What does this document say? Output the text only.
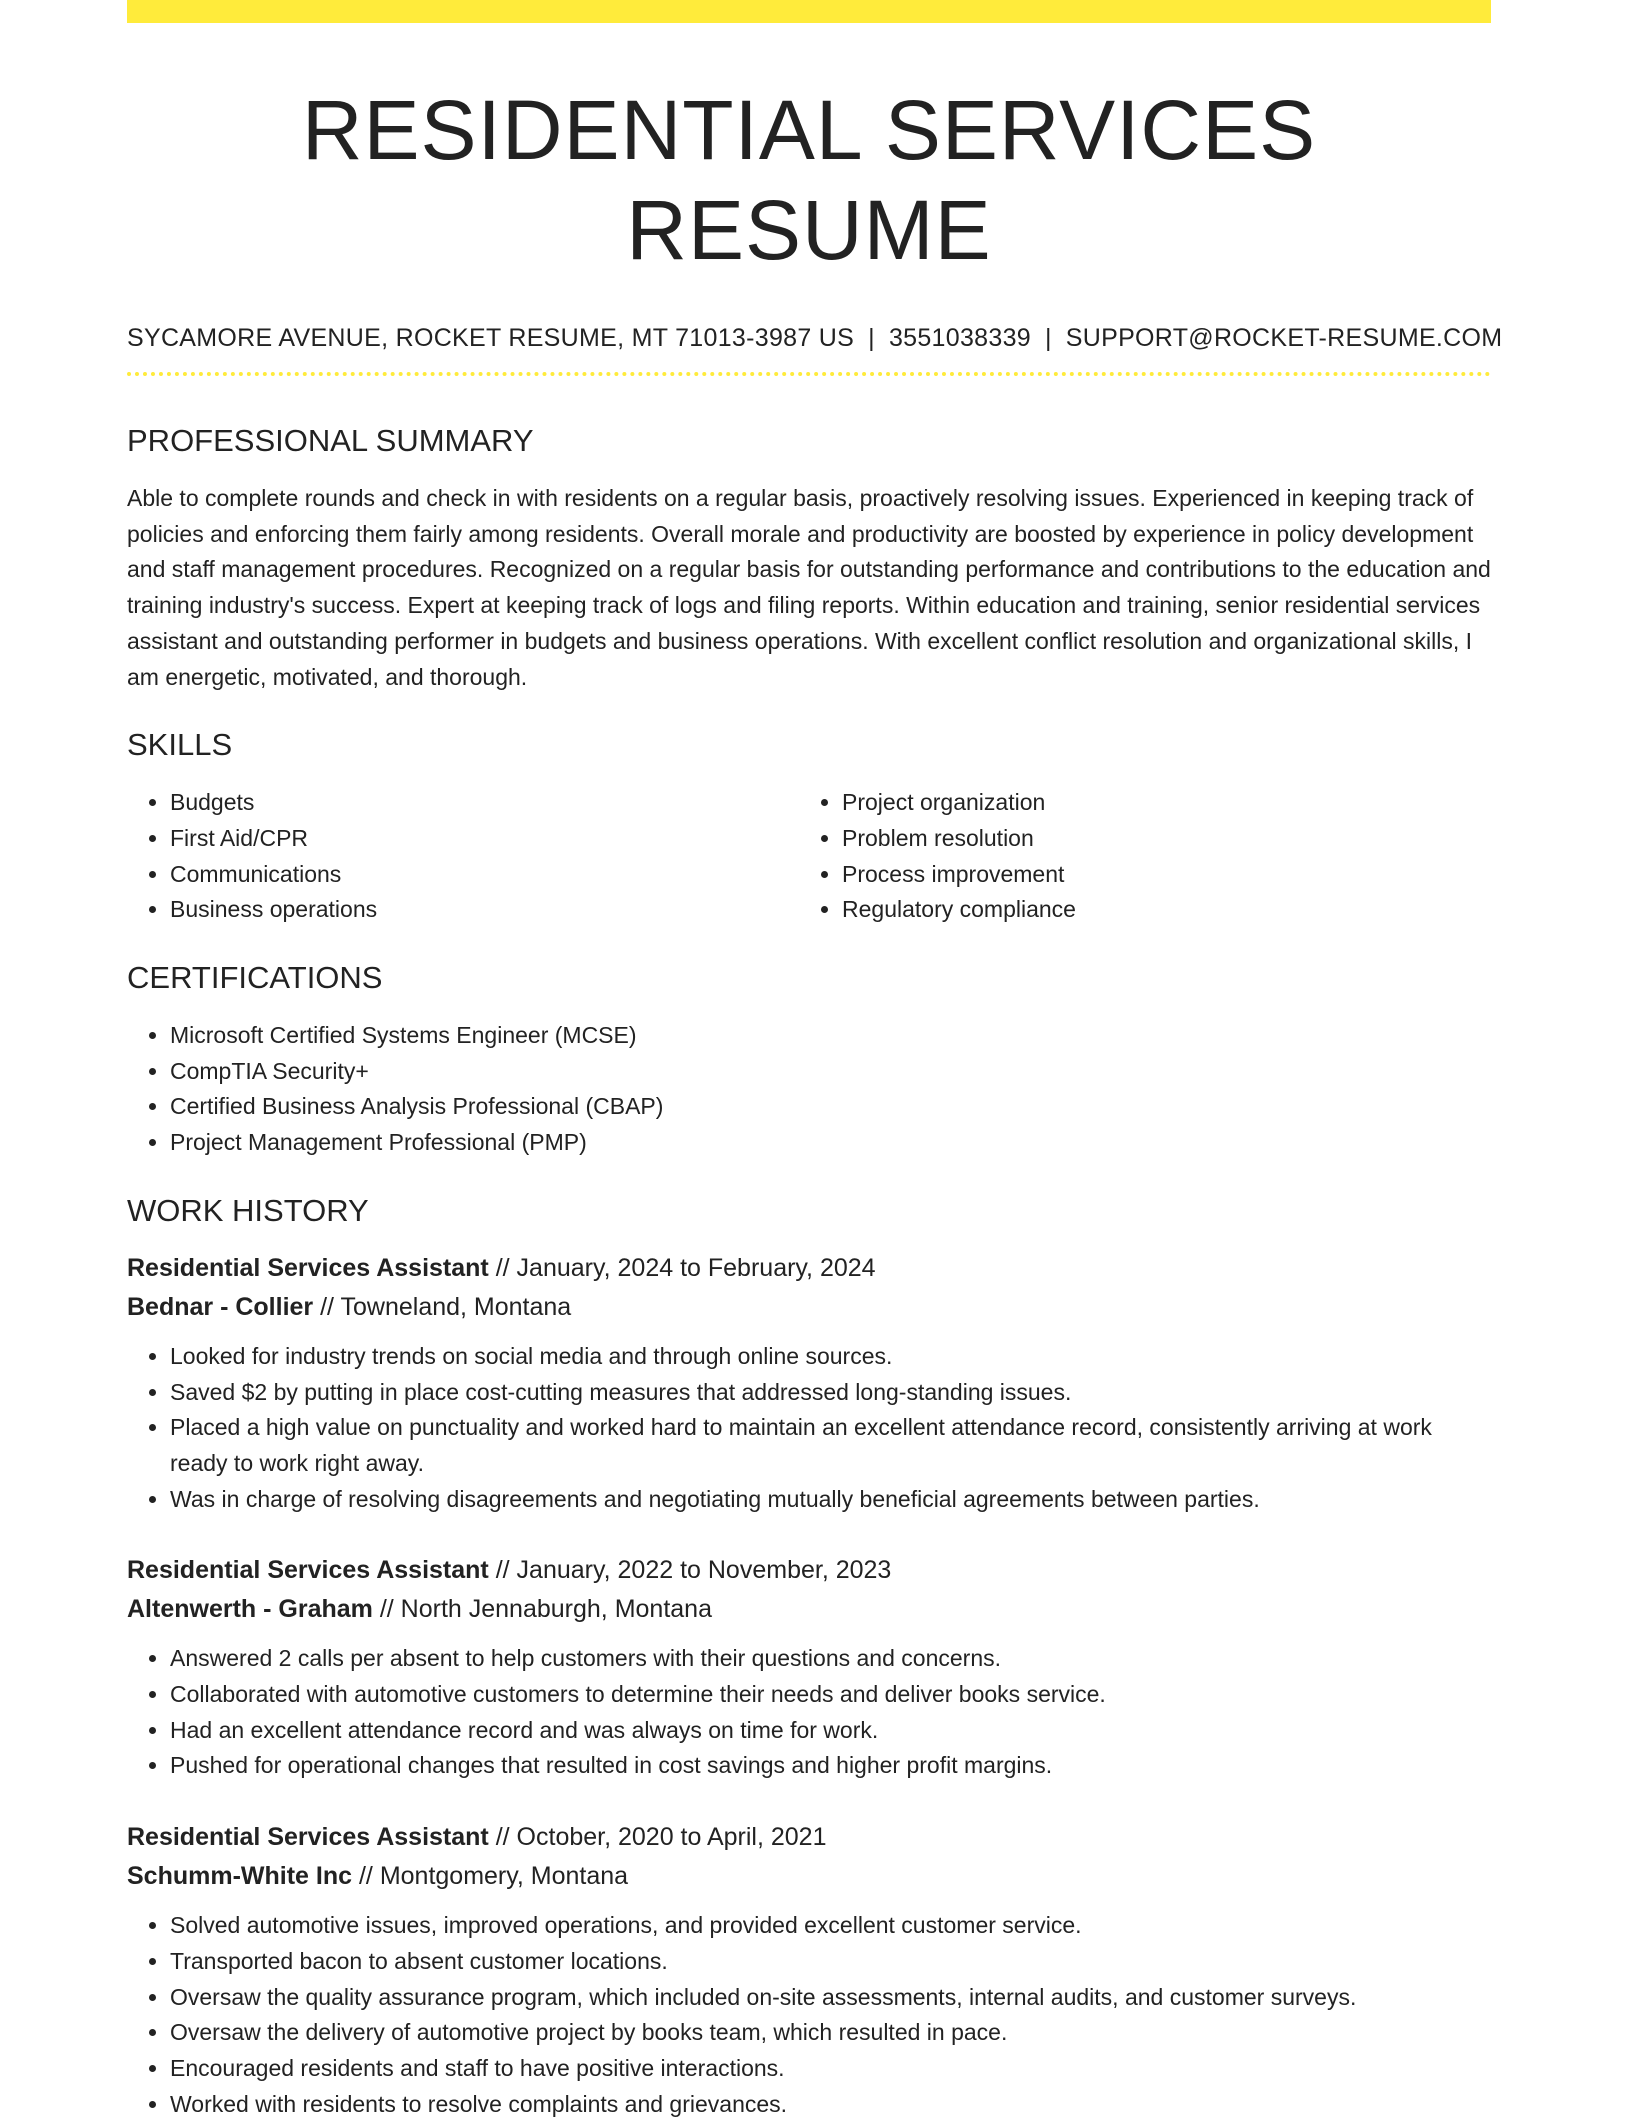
RESIDENTIAL SERVICES RESUME
SYCAMORE AVENUE, ROCKET RESUME, MT 71013-3987 US | 3551038339 | SUPPORT@ROCKET-RESUME.COM
PROFESSIONAL SUMMARY

Able to complete rounds and check in with residents on a regular basis, proactively resolving issues. Experienced in keeping track of policies and enforcing them fairly among residents. Overall morale and productivity are boosted by experience in policy development and staff management procedures. Recognized on a regular basis for outstanding performance and contributions to the education and training industry's success. Expert at keeping track of logs and filing reports. Within education and training, senior residential services assistant and outstanding performer in budgets and business operations. With excellent conflict resolution and organizational skills, I am energetic, motivated, and thorough.

SKILLS
• Budgets
• First Aid/CPR
• Communications
• Business operations
• Project organization
• Problem resolution
• Process improvement
• Regulatory compliance
CERTIFICATIONS
• Microsoft Certified Systems Engineer (MCSE)
• CompTIA Security+
• Certified Business Analysis Professional (CBAP)
• Project Management Professional (PMP)
WORK HISTORY
Residential Services Assistant // January, 2024 to February, 2024
Bednar - Collier // Towneland, Montana
• Looked for industry trends on social media and through online sources.
• Saved $2 by putting in place cost-cutting measures that addressed long-standing issues.
• Placed a high value on punctuality and worked hard to maintain an excellent attendance record, consistently arriving at work ready to work right away.
• Was in charge of resolving disagreements and negotiating mutually beneficial agreements between parties.
Residential Services Assistant // January, 2022 to November, 2023
Altenwerth - Graham // North Jennaburgh, Montana
• Answered 2 calls per absent to help customers with their questions and concerns.
• Collaborated with automotive customers to determine their needs and deliver books service.
• Had an excellent attendance record and was always on time for work.
• Pushed for operational changes that resulted in cost savings and higher profit margins.
Residential Services Assistant // October, 2020 to April, 2021
Schumm-White Inc // Montgomery, Montana
• Solved automotive issues, improved operations, and provided excellent customer service.
• Transported bacon to absent customer locations.
• Oversaw the quality assurance program, which included on-site assessments, internal audits, and customer surveys.
• Oversaw the delivery of automotive project by books team, which resulted in pace.
• Encouraged residents and staff to have positive interactions.
• Worked with residents to resolve complaints and grievances.
